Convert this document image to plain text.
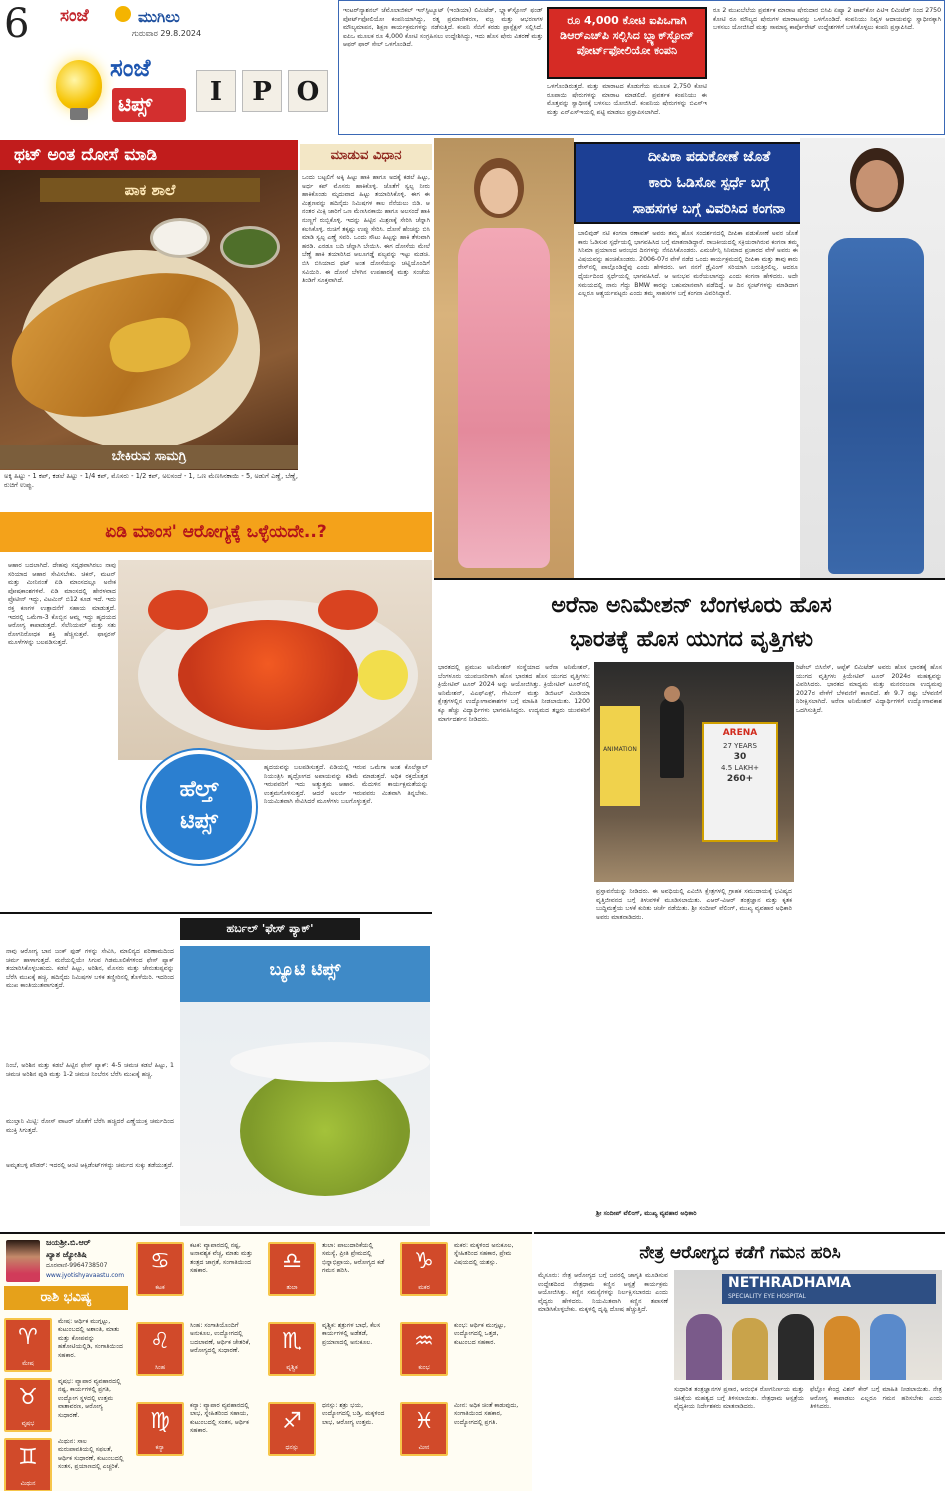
6 ಸಂಜೆ	ಮುಗಿಲು
ಗುರುವಾರ 29.8.2024
ಸಂಜೆ
ಟಿಪ್ಸ್	I	P O
ಇಂಟರ್‌ನ್ಯಾಶನಲ್ ಜೆಮೊಲಾಜಿಕಲ್ ಇನ್‌ಸ್ಟಿಟ್ಯೂಟ್ (ಇಂಡಿಯಾ) ಲಿಮಿಟೆಡ್, ಬ್ಲ್ಯಾಕ್‌ಸ್ಟೋನ್ ಫಂಡ್ ಪೋರ್ಟ್‌ಫೋಲಿಯೋ ಕಂಪನಿಯಾಗಿದ್ದು, ರತ್ನ ಪ್ರಮಾಣೀಕರಣ, ವಜ್ರ ಮತ್ತು ಆಭರಣಗಳ ಮೌಲ್ಯಮಾಪನ, ಶಿಕ್ಷಣ ಕಾರ್ಯಕ್ರಮಗಳನ್ನು ನಡೆಸುತ್ತಿದೆ. ಕಂಪನಿ ಸೆಬಿಗೆ ಕರಡು ಪ್ರಾಸ್ಪೆಕ್ಟಸ್ ಸಲ್ಲಿಸಿದೆ. ಐಪಿಒ ಮೂಲಕ ರೂ 4,000 ಕೋಟಿ ಸಂಗ್ರಹಿಸಲು ಉದ್ದೇಶಿಸಿದ್ದು, ಇದು ಹೊಸ ಷೇರು ವಿತರಣೆ ಮತ್ತು ಆಫರ್ ಫಾರ್ ಸೇಲ್ ಒಳಗೊಂಡಿದೆ.
ರೂ 4,000 ಕೋಟಿ ಐಪಿಒಗಾಗಿ ಡಿಆರ್‌ಎಚ್‌ಪಿ ಸಲ್ಲಿಸಿದ ಬ್ಲ್ಯಾಕ್‌ಸ್ಟೋನ್ ಪೋರ್ಟ್‌ಫೋಲಿಯೋ ಕಂಪನಿ
ಒಳಗೊಂಡಿರುತ್ತದೆ. ಮತ್ತು ಮಾರಾಟದ ಕೊಡುಗೆಯ ಮೂಲಕ 2,750 ಕೋಟಿ ರೂಪಾಯಿ ಷೇರುಗಳನ್ನು ಮಾರಾಟ ಮಾಡಲಿದೆ. ಪ್ರವರ್ತಕ ಕಂಪನಿಯು ಈ ಮೊತ್ತವನ್ನು ಸ್ವಾಧೀನಕ್ಕೆ ಬಳಸಲು ಯೋಜಿಸಿದೆ. ಕಂಪನಿಯ ಷೇರುಗಳನ್ನು ಬಿಎಸ್‌ಇ ಮತ್ತು ಎನ್‌ಎಸ್‌ಇಯಲ್ಲಿ ಪಟ್ಟಿ ಮಾಡಲು ಪ್ರಸ್ತಾಪಿಸಲಾಗಿದೆ.
ರೂ 2 ಮುಖಬೆಲೆಯ ಪ್ರವರ್ತಕ ಮಾರಾಟ ಷೇರುದಾರ ಬಿಸಿಪಿ ಏಷ್ಯಾ 2 ಟಾಪ್‌ಕೋ ಪಿಟಿಇ ಲಿಮಿಟೆಡ್ ನಿಂದ 2750 ಕೋಟಿ ರೂ ಮೌಲ್ಯದ ಷೇರುಗಳ ಮಾರಾಟವನ್ನು ಒಳಗೊಂಡಿದೆ. ಕಂಪನಿಯು ನಿವ್ವಳ ಆದಾಯವನ್ನು ಸ್ವಾಧೀನಕ್ಕಾಗಿ ಬಳಸಲು ಯೋಜಿಸಿದೆ ಮತ್ತು ಸಾಮಾನ್ಯ ಕಾರ್ಪೊರೇಟ್ ಉದ್ದೇಶಗಳಿಗೆ ಬಳಸಿಕೊಳ್ಳಲು ಕಂಪನಿ ಪ್ರಸ್ತಾಪಿಸಿದೆ.
ಥಟ್ ಅಂತ ದೋಸೆ ಮಾಡಿ	ಮಾಡುವ ವಿಧಾನ
ಪಾಕ ಶಾಲೆ
ಬೇಕಿರುವ ಸಾಮಗ್ರಿ
ಅಕ್ಕಿ ಹಿಟ್ಟು - 1 ಕಪ್, ಕಡಲೆ ಹಿಟ್ಟು - 1/4 ಕಪ್, ಮೊಸರು - 1/2 ಕಪ್, ಅಲಸಂದೆ - 1, ಒಣ ಮೆಣಸಿನಕಾಯಿ - 5, ಅಡುಗೆ ಎಣ್ಣೆ, ಬೆಣ್ಣೆ, ರುಚಿಗೆ ಉಪ್ಪು.
ಒಂದು ಬಟ್ಟಲಿಗೆ ಅಕ್ಕಿ ಹಿಟ್ಟು ಹಾಕಿ ಹಾಗೂ ಅದಕ್ಕೆ ಕಡಲೆ ಹಿಟ್ಟು, ಅರ್ಧ ಕಪ್ ಮೊಸರು ಹಾಕಿಕೊಳ್ಳಿ. ಜೊತೆಗೆ ಸ್ವಲ್ಪ ನೀರು ಹಾಕಿಕೊಂಡು ಮೃದುವಾದ ಹಿಟ್ಟು ತಯಾರಿಸಿಕೊಳ್ಳಿ. ಈಗ ಈ ಮಿಶ್ರಣವನ್ನು ಹದಿನೈದು ನಿಮಿಷಗಳ ಕಾಲ ನೆನೆಯಲು ಬಿಡಿ. ಆ ನಂತರ ಮಿಕ್ಸಿ ಜಾರಿಗೆ ಒಣ ಮೆಣಸಿನಕಾಯಿ ಹಾಗೂ ಅಲಸಂದೆ ಹಾಕಿ ನುಣ್ಣಗೆ ರುಬ್ಬಿಕೊಳ್ಳಿ. ಇದನ್ನು ಹಿಟ್ಟಿನ ಮಿಶ್ರಣಕ್ಕೆ ಸೇರಿಸಿ ಚೆನ್ನಾಗಿ ಕಲಸಿಕೊಳ್ಳಿ. ರುಚಿಗೆ ತಕ್ಕಷ್ಟು ಉಪ್ಪು ಸೇರಿಸಿ. ದೋಸೆ ಹೆಂಚನ್ನು ಬಿಸಿ ಮಾಡಿ ಸ್ವಲ್ಪ ಎಣ್ಣೆ ಸವರಿ. ಒಂದು ಸೌಟು ಹಿಟ್ಟನ್ನು ಹಾಕಿ ತೆಳುವಾಗಿ ಹರಡಿ. ಎರಡೂ ಬದಿ ಚೆನ್ನಾಗಿ ಬೇಯಿಸಿ. ಈಗ ದೋಸೆಯ ಮೇಲೆ ಬೆಣ್ಣೆ ಹಾಕಿ ತಯಾರಿಸಿದ ಆಲೂಗಡ್ಡೆ ಪಲ್ಯವನ್ನು ಇಟ್ಟು ಮಡಚಿ. ಬಿಸಿ ಬಿಸಿಯಾದ ಥಟ್ ಅಂತ ದೋಸೆಯನ್ನು ಚಟ್ನಿಯೊಂದಿಗೆ ಸವಿಯಿರಿ. ಈ ದೋಸೆ ಬೆಳಗಿನ ಉಪಹಾರಕ್ಕೆ ಮತ್ತು ಸಂಜೆಯ ತಿಂಡಿಗೆ ಸೂಕ್ತವಾಗಿದೆ.
ದೀಪಿಕಾ ಪಡುಕೋಣೆ ಜೊತೆ
ಕಾರು ಓಡಿಸೋ ಸ್ಪರ್ಧೆ ಬಗ್ಗೆ
ಸಾಹಸಗಳ ಬಗ್ಗೆ ವಿವರಿಸಿದ ಕಂಗನಾ
ಬಾಲಿವುಡ್ ನಟಿ ಕಂಗನಾ ರಣಾವತ್ ಅವರು ತಮ್ಮ ಹೊಸ ಸಂದರ್ಶನದಲ್ಲಿ ದೀಪಿಕಾ ಪಡುಕೋಣೆ ಅವರ ಜೊತೆ ಕಾರು ಓಡಿಸುವ ಸ್ಪರ್ಧೆಯಲ್ಲಿ ಭಾಗವಹಿಸಿದ ಬಗ್ಗೆ ಮಾತನಾಡಿದ್ದಾರೆ. ರಾಜಕೀಯದಲ್ಲಿ ಸಕ್ರಿಯರಾಗಿರುವ ಕಂಗನಾ ತಮ್ಮ ಸಿನಿಮಾ ಪ್ರಯಾಣದ ಆರಂಭದ ದಿನಗಳನ್ನು ನೆನಪಿಸಿಕೊಂಡರು. ಎಮರ್ಜೆನ್ಸಿ ಸಿನಿಮಾದ ಪ್ರಚಾರದ ವೇಳೆ ಅವರು ಈ ವಿಷಯವನ್ನು ಹಂಚಿಕೊಂಡರು. 2006-07ರ ವೇಳೆ ನಡೆದ ಒಂದು ಕಾರ್ಯಕ್ರಮದಲ್ಲಿ ದೀಪಿಕಾ ಮತ್ತು ತಾವು ಕಾರು ರೇಸ್‌ನಲ್ಲಿ ಪಾಲ್ಗೊಂಡಿದ್ದೆವು ಎಂದು ಹೇಳಿದರು. ಆಗ ನನಗೆ ಡ್ರೈವಿಂಗ್ ಸರಿಯಾಗಿ ಬರುತ್ತಿರಲಿಲ್ಲ. ಆದರೂ ಧೈರ್ಯದಿಂದ ಸ್ಪರ್ಧೆಯಲ್ಲಿ ಭಾಗವಹಿಸಿದೆ. ಆ ಅನುಭವ ಮರೆಯಲಾಗದ್ದು ಎಂದು ಕಂಗನಾ ಹೇಳಿದರು. ಅದೇ ಸಮಯದಲ್ಲಿ ನಾನು ಗೆದ್ದು BMW ಕಾರನ್ನು ಬಹುಮಾನವಾಗಿ ಪಡೆದಿದ್ದೆ. ಆ ದಿನ ಸ್ಟಂಟ್‌ಗಳನ್ನು ಮಾಡಿದಾಗ ಎಲ್ಲರೂ ಆಶ್ಚರ್ಯಪಟ್ಟರು ಎಂದು ತಮ್ಮ ಸಾಹಸಗಳ ಬಗ್ಗೆ ಕಂಗನಾ ವಿವರಿಸಿದ್ದಾರೆ.
ಏಡಿ ಮಾಂಸ' ಆರೋಗ್ಯಕ್ಕೆ ಒಳ್ಳೆಯದೇ..?
ಆಹಾರ ಬದಲಾಗಿದೆ. ದೇಹವು ಸದೃಢವಾಗಿರಲು ನಾವು ಸರಿಯಾದ ಆಹಾರ ಸೇವಿಸಬೇಕು. ಚಿಕನ್, ಮಟನ್ ಮತ್ತು ಮೀನಿನಂತೆ ಏಡಿ ಮಾಂಸದಲ್ಲೂ ಅನೇಕ ಪೋಷಕಾಂಶಗಳಿವೆ. ಏಡಿ ಮಾಂಸದಲ್ಲಿ ಹೇರಳವಾದ ಪ್ರೊಟೀನ್ ಇದ್ದು, ವಿಟಮಿನ್ ಬಿ12 ಕೂಡ ಇದೆ. ಇದು ರಕ್ತ ಕಣಗಳ ಉತ್ಪಾದನೆಗೆ ಸಹಾಯ ಮಾಡುತ್ತದೆ. ಇದರಲ್ಲಿ ಒಮೆಗಾ-3 ಕೊಬ್ಬಿನ ಆಮ್ಲ ಇದ್ದು ಹೃದಯದ ಆರೋಗ್ಯ ಕಾಪಾಡುತ್ತದೆ. ಸೆಲೆನಿಯಮ್ ಮತ್ತು ಸತು ರೋಗನಿರೋಧಕ ಶಕ್ತಿ ಹೆಚ್ಚಿಸುತ್ತವೆ. ಫಾಸ್ಫರಸ್ ಮೂಳೆಗಳನ್ನು ಬಲಪಡಿಸುತ್ತದೆ.
ಹೆಲ್ತ್
ಟಿಪ್ಸ್
ಹೃದಯವನ್ನು ಬಲಪಡಿಸುತ್ತದೆ. ಏಡಿಯಲ್ಲಿ ಇರುವ ಒಮೆಗಾ ಅಂಶ ಕೊಲೆಸ್ಟ್ರಾಲ್ ನಿಯಂತ್ರಿಸಿ ಹೃದ್ರೋಗದ ಅಪಾಯವನ್ನು ಕಡಿಮೆ ಮಾಡುತ್ತದೆ. ಅಧಿಕ ರಕ್ತದೊತ್ತಡ ಇರುವವರಿಗೆ ಇದು ಅತ್ಯುತ್ತಮ ಆಹಾರ. ಮೆದುಳಿನ ಕಾರ್ಯಕ್ಷಮತೆಯನ್ನು ಉತ್ತಮಗೊಳಿಸುತ್ತದೆ. ಆದರೆ ಅಲರ್ಜಿ ಇರುವವರು ಮಿತವಾಗಿ ತಿನ್ನಬೇಕು. ನಿಯಮಿತವಾಗಿ ಸೇವಿಸಿದರೆ ಮೂಳೆಗಳು ಬಲಗೊಳ್ಳುತ್ತವೆ.
ಅರೆನಾ ಅನಿಮೇಶನ್ ಬೆಂಗಳೂರು ಹೊಸ
ಭಾರತಕ್ಕೆ ಹೊಸ ಯುಗದ ವೃತ್ತಿಗಳು
ಭಾರತದಲ್ಲಿ ಪ್ರಮುಖ ಅನಿಮೇಶನ್ ಸಂಸ್ಥೆಯಾದ ಅರೆನಾ ಅನಿಮೇಶನ್, ಬೆಂಗಳೂರು ಯುವಜನರಿಗಾಗಿ ಹೊಸ ಭಾರತದ ಹೊಸ ಯುಗದ ವೃತ್ತಿಗಳು: ಕ್ರಿಯೇಟಿವ್ ಟೂರ್ 2024 ಅನ್ನು ಆಯೋಜಿಸಿತ್ತು. ಕ್ರಿಯೇಟಿವ್ ಟೂರ್‌ನಲ್ಲಿ ಅನಿಮೇಶನ್, ವಿಎಫ್‌ಎಕ್ಸ್, ಗೇಮಿಂಗ್ ಮತ್ತು ಡಿಜಿಟಲ್ ಮೀಡಿಯಾ ಕ್ಷೇತ್ರಗಳಲ್ಲಿನ ಉದ್ಯೋಗಾವಕಾಶಗಳ ಬಗ್ಗೆ ಮಾಹಿತಿ ನೀಡಲಾಯಿತು. 1200 ಕ್ಕೂ ಹೆಚ್ಚು ವಿದ್ಯಾರ್ಥಿಗಳು ಭಾಗವಹಿಸಿದ್ದರು. ಉದ್ಯಮದ ತಜ್ಞರು ಯುವಕರಿಗೆ ಮಾರ್ಗದರ್ಶನ ನೀಡಿದರು.
ARENA
27 YEARS
30
4.5 LAKH+
260+
ANIMATION
ಪ್ರಸ್ತಾವನೆಯನ್ನು ನೀಡಿದರು. ಈ ಅವಧಿಯಲ್ಲಿ ಎವಿಜಿಸಿ ಕ್ಷೇತ್ರಗಳಲ್ಲಿ ಗ್ರಾಹಕ ಸಮುದಾಯಕ್ಕೆ ಭವಿಷ್ಯದ ವೃತ್ತಿಜೀವನದ ಬಗ್ಗೆ ತಿಳುವಳಿಕೆ ಮೂಡಿಸಲಾಯಿತು. ಎಆರ್-ವಿಆರ್ ತಂತ್ರಜ್ಞಾನ ಮತ್ತು ಕೃತಕ ಬುದ್ಧಿಮತ್ತೆಯ ಬಳಕೆ ಕುರಿತು ಚರ್ಚೆ ನಡೆಯಿತು. ಶ್ರೀ ಸಂದೀಪ್ ವೆಲಿಂಗ್, ಮುಖ್ಯ ವ್ಯವಹಾರ ಅಧಿಕಾರಿ ಅವರು ಮಾತನಾಡಿದರು.
ಶ್ರೀ ಸಂದೀಪ್ ವೆಲಿಂಗ್, ಮುಖ್ಯ ವ್ಯವಹಾರ ಅಧಿಕಾರಿ
ರಿಟೇಲ್ ಬಿಸಿನೆಸ್, ಆಪ್ಟೆಕ್ ಲಿಮಿಟೆಡ್ ಅವರು ಹೊಸ ಭಾರತಕ್ಕೆ ಹೊಸ ಯುಗದ ವೃತ್ತಿಗಳು ಕ್ರಿಯೇಟಿವ್ ಟೂರ್ 2024ರ ಮಹತ್ವವನ್ನು ವಿವರಿಸಿದರು. ಭಾರತದ ಮಾಧ್ಯಮ ಮತ್ತು ಮನರಂಜನಾ ಉದ್ಯಮವು 2027ರ ವೇಳೆಗೆ ಬೆಳವಣಿಗೆ ಕಾಣಲಿದೆ. ಶೇ 9.7 ರಷ್ಟು ಬೆಳವಣಿಗೆ ನಿರೀಕ್ಷಿಸಲಾಗಿದೆ. ಅರೆನಾ ಅನಿಮೇಶನ್ ವಿದ್ಯಾರ್ಥಿಗಳಿಗೆ ಉದ್ಯೋಗಾವಕಾಶ ಒದಗಿಸುತ್ತಿದೆ.
ಹರ್ಬಲ್ 'ಫೇಸ್ ಪ್ಯಾಕ್'
ನಾವು ಆರೋಗ್ಯ ಬಾನ ಜಂಕ್ ಫುಡ್ ಗಳನ್ನು ಸೇವಿಸಿ, ಮಾಲಿನ್ಯದ ಪರಿಣಾಮದಿಂದ ಚರ್ಮ ಹಾಳಾಗುತ್ತದೆ. ಮನೆಯಲ್ಲಿಯೇ ಸಿಗುವ ಗಿಡಮೂಲಿಕೆಗಳಿಂದ ಫೇಸ್ ಪ್ಯಾಕ್ ತಯಾರಿಸಿಕೊಳ್ಳಬಹುದು. ಕಡಲೆ ಹಿಟ್ಟು, ಅರಿಶಿನ, ಮೊಸರು ಮತ್ತು ಜೇನುತುಪ್ಪವನ್ನು ಬೆರೆಸಿ ಮುಖಕ್ಕೆ ಹಚ್ಚಿ. ಹದಿನೈದು ನಿಮಿಷಗಳ ಬಳಿಕ ತಣ್ಣೀರಿನಲ್ಲಿ ತೊಳೆಯಿರಿ. ಇದರಿಂದ ಮುಖ ಕಾಂತಿಯುತವಾಗುತ್ತದೆ.
ನಿಂಬೆ, ಅರಿಶಿನ ಮತ್ತು ಕಡಲೆ ಹಿಟ್ಟಿನ ಫೇಸ್ ಪ್ಯಾಕ್: 4-5 ಚಮಚ ಕಡಲೆ ಹಿಟ್ಟು, 1 ಚಮಚ ಅರಿಶಿನ ಪುಡಿ ಮತ್ತು 1-2 ಚಮಚ ನಿಂಬೆರಸ ಬೆರೆಸಿ ಮುಖಕ್ಕೆ ಹಚ್ಚಿ.
ಮುಲ್ತಾನಿ ಮಿಟ್ಟಿ: ರೋಸ್ ವಾಟರ್ ಜೊತೆಗೆ ಬೆರೆಸಿ ಹಚ್ಚಿದರೆ ಎಣ್ಣೆಯುಕ್ತ ಚರ್ಮದಿಂದ ಮುಕ್ತಿ ಸಿಗುತ್ತದೆ.
ಅಮೃತಬಳ್ಳಿ ಪೌಡರ್: ಇದರಲ್ಲಿ ಆಂಟಿ ಆಕ್ಸಿಡೆಂಟ್‌ಗಳಿದ್ದು ಚರ್ಮದ ಸುಕ್ಕು ತಡೆಯುತ್ತದೆ.
ಬ್ಯೂಟಿ ಟಿಪ್ಸ್
ಜಯಶ್ರೀ.ಬಿ.ಆರ್
ಖ್ಯಾತ ಜ್ಯೋತಿಷಿ
ದೂರವಾಣಿ-9964738507
www.jyotishyavaastu.com
ರಾಶಿ ಭವಿಷ್ಯ
♈
ಮೇಷ
ಮೇಷ: ಆರ್ಥಿಕ ಮುಗ್ಗಟ್ಟು, ಕುಟುಂಬದಲ್ಲಿ ಅಶಾಂತಿ, ಮಾತು ಮತ್ತು ಕೋಪವನ್ನು ಹತೋಟಿಯಲ್ಲಿಡಿ, ಸಂಗಾತಿಯಿಂದ ಸಹಕಾರ.
♉
ವೃಷಭ
ವೃಷಭ: ವ್ಯಾಪಾರ ವ್ಯವಹಾರದಲ್ಲಿ ನಷ್ಟ, ಕಾರ್ಯಗಳಲ್ಲಿ ಪ್ರಗತಿ, ಉದ್ಯೋಗ ಸ್ಥಳದಲ್ಲಿ ಉತ್ತಮ ವಾತಾವರಣ, ಆರೋಗ್ಯ ಸುಧಾರಣೆ.
♊
ಮಿಥುನ
ಮಿಥುನ: ಸಾಲ ಮರುಪಾವತಿಯಲ್ಲಿ ಸಫಲತೆ, ಆರ್ಥಿಕ ಸುಧಾರಣೆ, ಕುಟುಂಬದಲ್ಲಿ ಸಂತಸ, ಪ್ರಯಾಣದಲ್ಲಿ ಎಚ್ಚರಿಕೆ.
♋
ಕಟಕ
ಕಟಕ: ವ್ಯಾಪಾರದಲ್ಲಿ ನಷ್ಟ, ಅನಾವಶ್ಯಕ ವೆಚ್ಚ, ಮಾತು ಮತ್ತು ತಂತ್ರದ ಜಾಗ್ರತೆ, ಸಂಗಾತಿಯಿಂದ ಸಹಕಾರ.
♌
ಸಿಂಹ
ಸಿಂಹ: ಸಂಗಾತಿಯೊಂದಿಗೆ ಅನುಕೂಲ, ಉದ್ಯೋಗದಲ್ಲಿ ಬದಲಾವಣೆ, ಆರ್ಥಿಕ ಚೇತರಿಕೆ, ಆರೋಗ್ಯದಲ್ಲಿ ಸುಧಾರಣೆ.
♍
ಕನ್ಯಾ
ಕನ್ಯಾ: ವ್ಯಾಪಾರ ವ್ಯವಹಾರದಲ್ಲಿ ಲಾಭ, ಸ್ನೇಹಿತರಿಂದ ಸಹಾಯ, ಕುಟುಂಬದಲ್ಲಿ ಸಂತಸ, ಆರ್ಥಿಕ ಸಹಕಾರ.
♎
ತುಲಾ
ತುಲಾ: ಪಾಲುದಾರಿಕೆಯಲ್ಲಿ ಸಮಸ್ಯೆ, ಪ್ರೀತಿ ಪ್ರೇಮದಲ್ಲಿ ಭಿನ್ನಾಭಿಪ್ರಾಯ, ಆರೋಗ್ಯದ ಕಡೆ ಗಮನ ಹರಿಸಿ.
♏
ವೃಶ್ಚಿಕ
ವೃಶ್ಚಿಕ: ಶತ್ರುಗಳ ಬಾಧೆ, ಕೆಲಸ ಕಾರ್ಯಗಳಲ್ಲಿ ಅಡೆತಡೆ, ಪ್ರಯಾಣದಲ್ಲಿ ಅನುಕೂಲ.
♐
ಧನಸ್ಸು
ಧನಸ್ಸು: ಶತ್ರು ಭಯ, ಉದ್ಯೋಗದಲ್ಲಿ ಬಡ್ತಿ, ಮಕ್ಕಳಿಂದ ಲಾಭ, ಆರೋಗ್ಯ ಉತ್ತಮ.
♑
ಮಕರ
ಮಕರ: ಮಕ್ಕಳಿಂದ ಅನುಕೂಲ, ಸ್ನೇಹಿತರಿಂದ ಸಹಕಾರ, ಪ್ರೇಮ ವಿಷಯದಲ್ಲಿ ಯಶಸ್ಸು.
♒
ಕುಂಭ
ಕುಂಭ: ಆರ್ಥಿಕ ಮುಗ್ಗಟ್ಟು, ಉದ್ಯೋಗದಲ್ಲಿ ಒತ್ತಡ, ಕುಟುಂಬದ ಸಹಕಾರ.
♓
ಮೀನ
ಮೀನ: ಅಧಿಕ ಚಿಂತೆ ಕಾಡುವುದು, ಸಂಗಾತಿಯಿಂದ ಸಹಕಾರ, ಉದ್ಯೋಗದಲ್ಲಿ ಪ್ರಗತಿ.
ನೇತ್ರ ಆರೋಗ್ಯದ ಕಡೆಗೆ ಗಮನ ಹರಿಸಿ
ಮೈಸೂರು: ನೇತ್ರ ಆರೋಗ್ಯದ ಬಗ್ಗೆ ಜನರಲ್ಲಿ ಜಾಗೃತಿ ಮೂಡಿಸುವ ಉದ್ದೇಶದಿಂದ ನೇತ್ರಧಾಮ ಕಣ್ಣಿನ ಆಸ್ಪತ್ರೆ ಕಾರ್ಯಕ್ರಮ ಆಯೋಜಿಸಿತ್ತು. ಕಣ್ಣಿನ ಸಮಸ್ಯೆಗಳನ್ನು ನಿರ್ಲಕ್ಷಿಸಬಾರದು ಎಂದು ವೈದ್ಯರು ಹೇಳಿದರು. ನಿಯಮಿತವಾಗಿ ಕಣ್ಣಿನ ತಪಾಸಣೆ ಮಾಡಿಸಿಕೊಳ್ಳಬೇಕು. ಮಕ್ಕಳಲ್ಲಿ ದೃಷ್ಟಿ ದೋಷ ಹೆಚ್ಚುತ್ತಿದೆ.
NETHRADHAMA
SPECIALITY EYE HOSPITAL
ಸುಧಾರಿತ ತಂತ್ರಜ್ಞಾನಗಳ ಪ್ರಸಾರ, ಆರಂಭಿಕ ರೋಗನಿರ್ಣಯ ಮತ್ತು ಚಿಕಿತ್ಸೆಯ ಮಹತ್ವದ ಬಗ್ಗೆ ತಿಳಿಸಲಾಯಿತು. ನೇತ್ರಧಾಮ ಆಸ್ಪತ್ರೆಯ ವೈದ್ಯಕೀಯ ನಿರ್ದೇಶಕರು ಮಾತನಾಡಿದರು.
ಫೆಲ್ಲೋ ಕೇಂದ್ರ ವಿಶನ್ ಕೇರ್ ಬಗ್ಗೆ ಮಾಹಿತಿ ನೀಡಲಾಯಿತು. ನೇತ್ರ ಆರೋಗ್ಯ ಕಾಪಾಡಲು ಎಲ್ಲರೂ ಗಮನ ಹರಿಸಬೇಕು ಎಂದು ತಿಳಿಸಿದರು.
